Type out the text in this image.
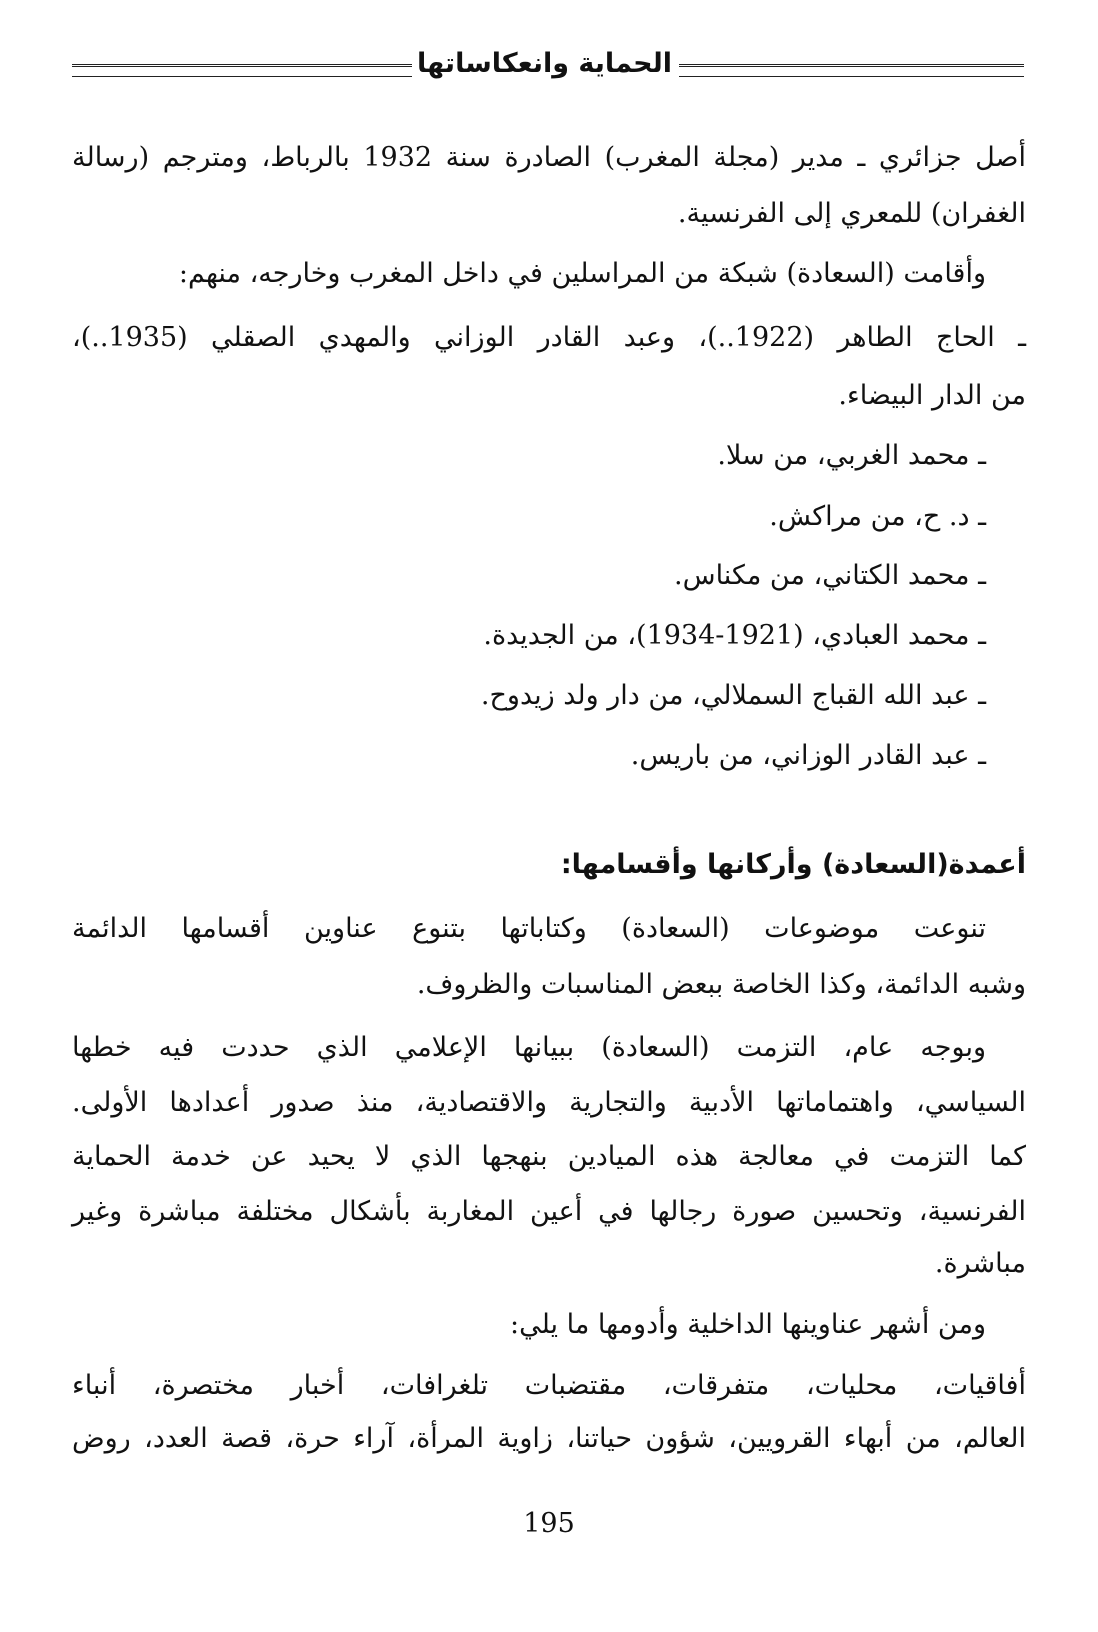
الحماية وانعكاساتها
أصل جزائري ـ مدير (مجلة المغرب) الصادرة سنة 1932 بالرباط، ومترجم (رسالة
الغفران) للمعري إلى الفرنسية.
وأقامت (السعادة) شبكة من المراسلين في داخل المغرب وخارجه، منهم:
ـ الحاج الطاهر (1922..)، وعبد القادر الوزاني والمهدي الصقلي (1935..)،
من الدار البيضاء.
ـ محمد الغربي، من سلا.
ـ د. ح، من مراكش.
ـ محمد الكتاني، من مكناس.
ـ محمد العبادي، (1921-1934)، من الجديدة.
ـ عبد الله القباج السملالي، من دار ولد زيدوح.
ـ عبد القادر الوزاني، من باريس.
أعمدة(السعادة) وأركانها وأقسامها:
تنوعت موضوعات (السعادة) وكتاباتها بتنوع عناوين أقسامها الدائمة
وشبه الدائمة، وكذا الخاصة ببعض المناسبات والظروف.
وبوجه عام، التزمت (السعادة) ببيانها الإعلامي الذي حددت فيه خطها
السياسي، واهتماماتها الأدبية والتجارية والاقتصادية، منذ صدور أعدادها الأولى.
كما التزمت في معالجة هذه الميادين بنهجها الذي لا يحيد عن خدمة الحماية
الفرنسية، وتحسين صورة رجالها في أعين المغاربة بأشكال مختلفة مباشرة وغير
مباشرة.
ومن أشهر عناوينها الداخلية وأدومها ما يلي:
أفاقيات، محليات، متفرقات، مقتضبات تلغرافات، أخبار مختصرة، أنباء
العالم، من أبهاء القرويين، شؤون حياتنا، زاوية المرأة، آراء حرة، قصة العدد، روض
195
